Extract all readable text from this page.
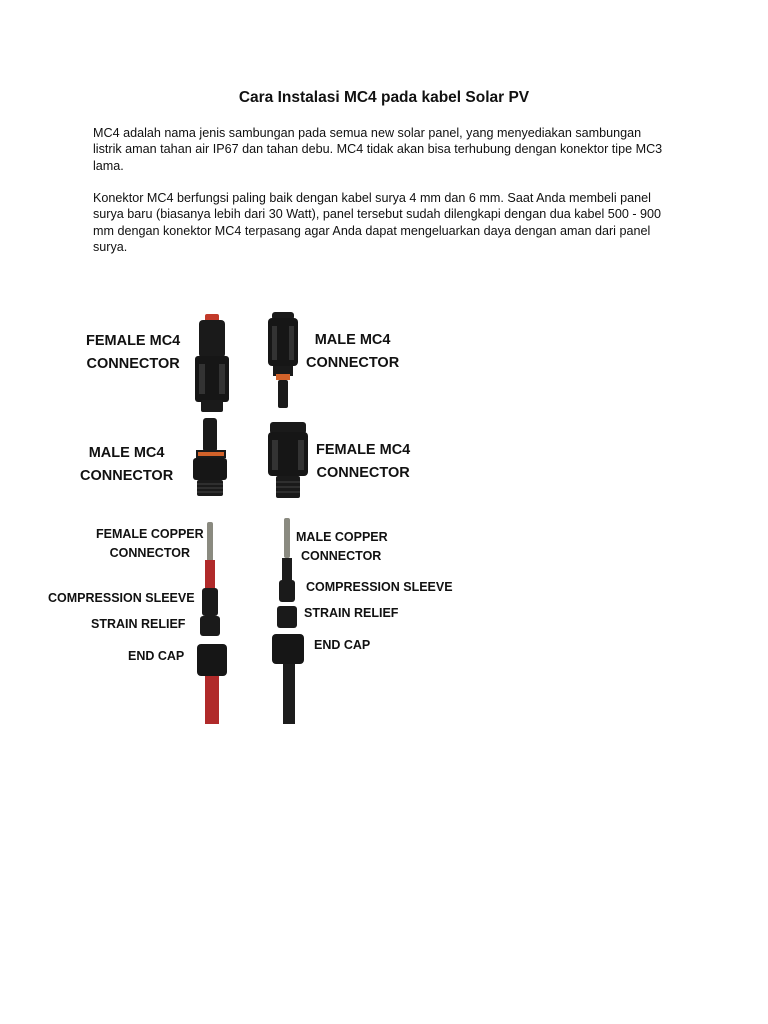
Cara Instalasi MC4 pada kabel Solar PV

MC4 adalah nama jenis sambungan pada semua new solar panel, yang menyediakan sambungan listrik aman tahan air IP67 dan tahan debu. MC4 tidak akan bisa terhubung dengan konektor tipe MC3 lama.

Konektor MC4 berfungsi paling baik dengan kabel surya 4 mm dan 6 mm. Saat Anda membeli panel surya baru (biasanya lebih dari 30 Watt), panel tersebut sudah dilengkapi dengan dua kabel 500 - 900 mm dengan konektor MC4 terpasang agar Anda dapat mengeluarkan daya dengan aman dari panel surya.

FEMALE MC4
CONNECTOR
MALE MC4
CONNECTOR
MALE MC4
CONNECTOR
FEMALE MC4
CONNECTOR
FEMALE COPPER
CONNECTOR
MALE COPPER
CONNECTOR
COMPRESSION SLEEVE
STRAIN RELIEF
END CAP
COMPRESSION SLEEVE
STRAIN RELIEF
END CAP
